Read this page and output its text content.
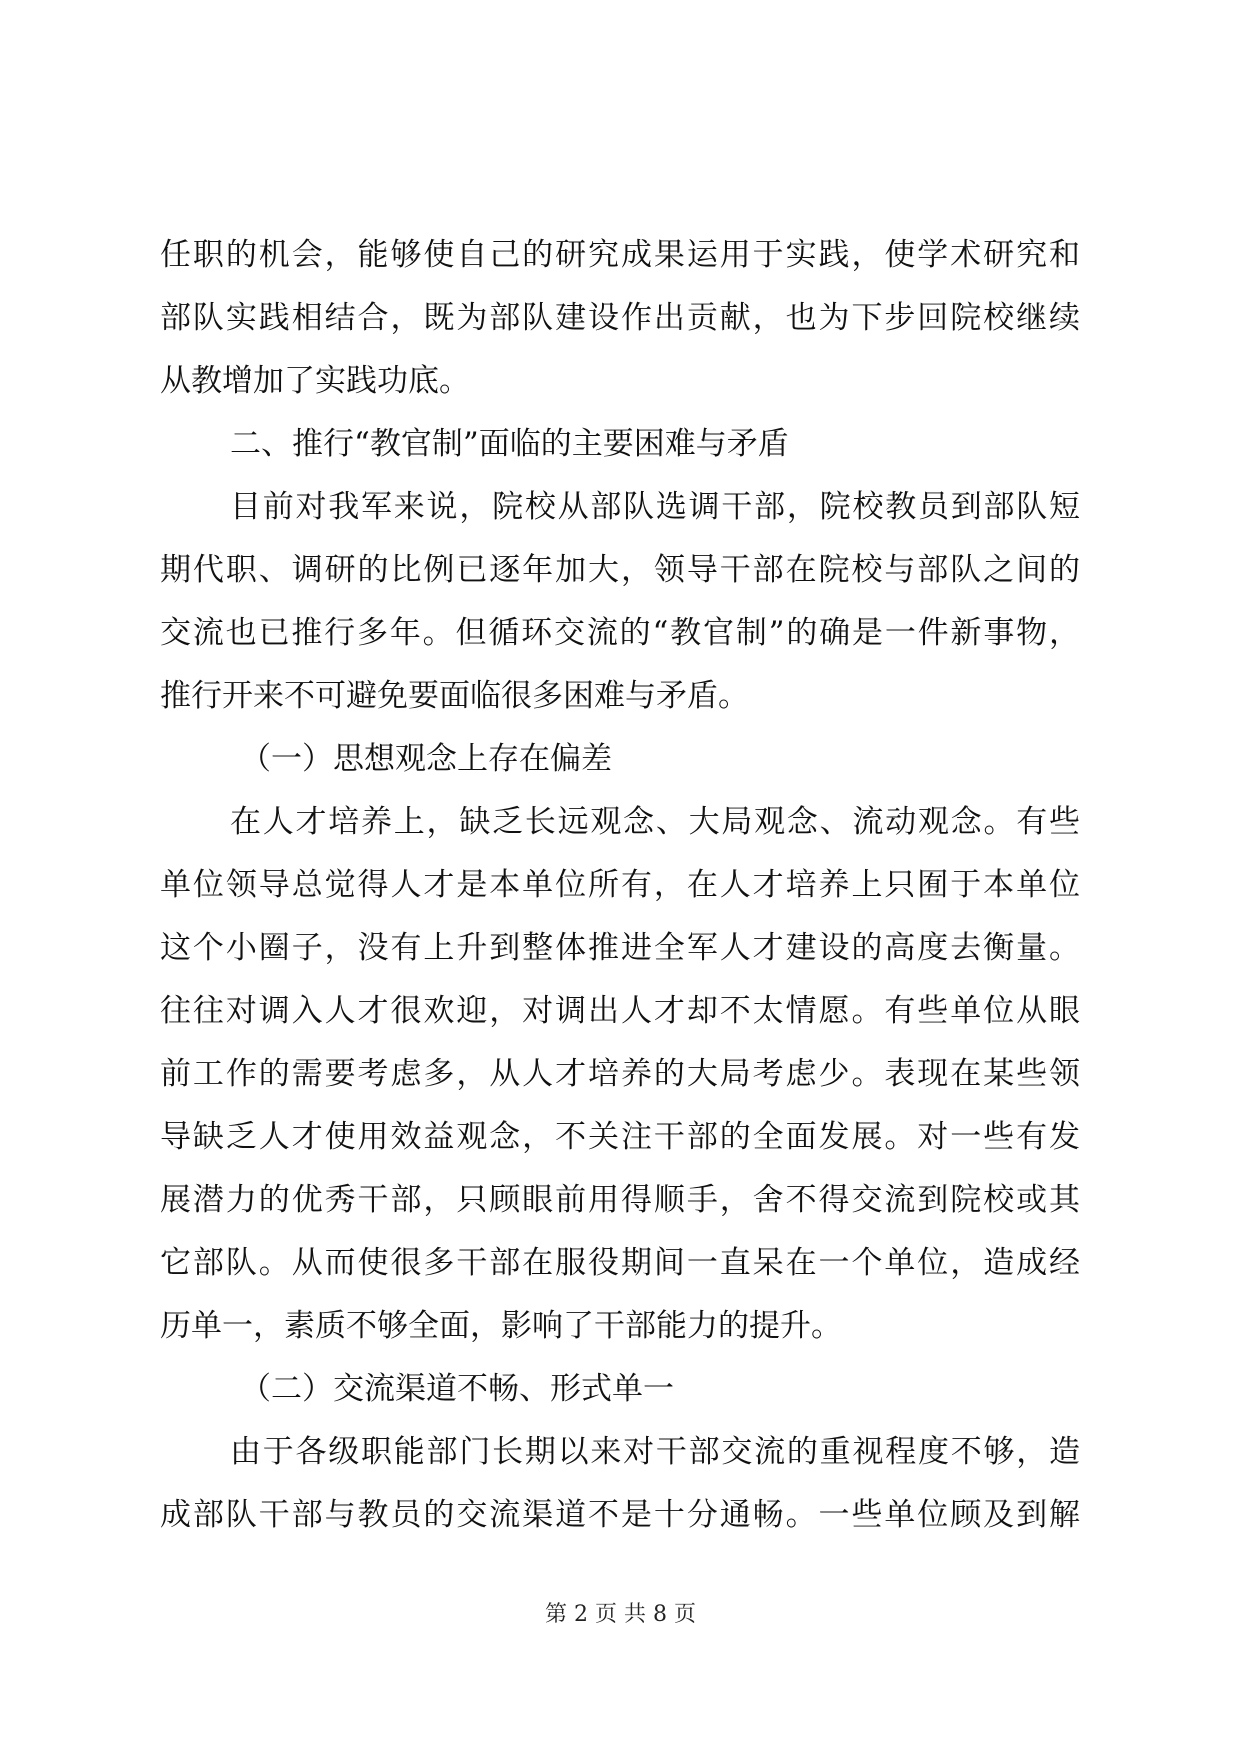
任职的机会，能够使自己的研究成果运用于实践，使学术研究和
部队实践相结合，既为部队建设作出贡献，也为下步回院校继续
从教增加了实践功底。
二、推行“教官制”面临的主要困难与矛盾
目前对我军来说，院校从部队选调干部，院校教员到部队短
期代职、调研的比例已逐年加大，领导干部在院校与部队之间的
交流也已推行多年。但循环交流的“教官制”的确是一件新事物，
推行开来不可避免要面临很多困难与矛盾。
（一）思想观念上存在偏差
在人才培养上，缺乏长远观念、大局观念、流动观念。有些
单位领导总觉得人才是本单位所有，在人才培养上只囿于本单位
这个小圈子，没有上升到整体推进全军人才建设的高度去衡量。
往往对调入人才很欢迎，对调出人才却不太情愿。有些单位从眼
前工作的需要考虑多，从人才培养的大局考虑少。表现在某些领
导缺乏人才使用效益观念，不关注干部的全面发展。对一些有发
展潜力的优秀干部，只顾眼前用得顺手，舍不得交流到院校或其
它部队。从而使很多干部在服役期间一直呆在一个单位，造成经
历单一，素质不够全面，影响了干部能力的提升。
（二）交流渠道不畅、形式单一
由于各级职能部门长期以来对干部交流的重视程度不够，造
成部队干部与教员的交流渠道不是十分通畅。一些单位顾及到解
第 2 页 共 8 页
